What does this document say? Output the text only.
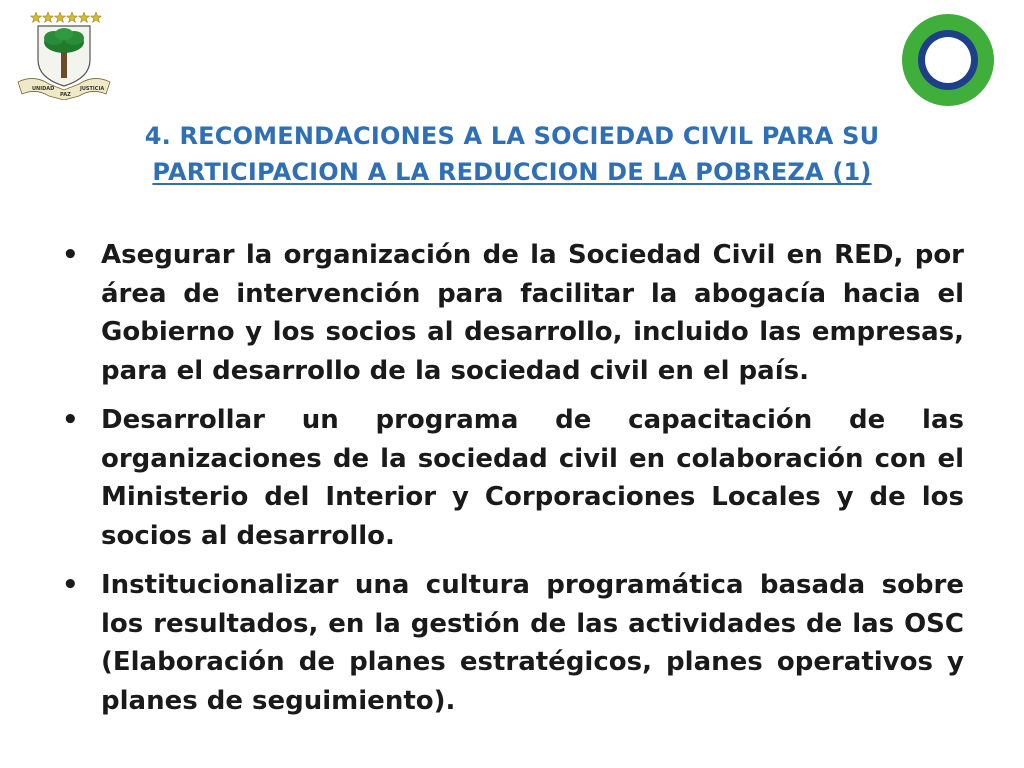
UNIDAD
PAZ
JUSTICIA
4. RECOMENDACIONES A LA SOCIEDAD CIVIL PARA SU
PARTICIPACION A LA REDUCCION DE LA POBREZA (1)
• Asegurar la organización de la Sociedad Civil en RED, por área de intervención para facilitar la abogacía hacia el Gobierno y los socios al desarrollo, incluido las empresas, para el desarrollo de la sociedad civil en el país.
• Desarrollar un programa de capacitación de las organizaciones de la sociedad civil en colaboración con el Ministerio del Interior y Corporaciones Locales y de los socios al desarrollo.
• Institucionalizar una cultura programática basada sobre los resultados, en la gestión de las actividades de las OSC (Elaboración de planes estratégicos, planes operativos y planes de seguimiento).
